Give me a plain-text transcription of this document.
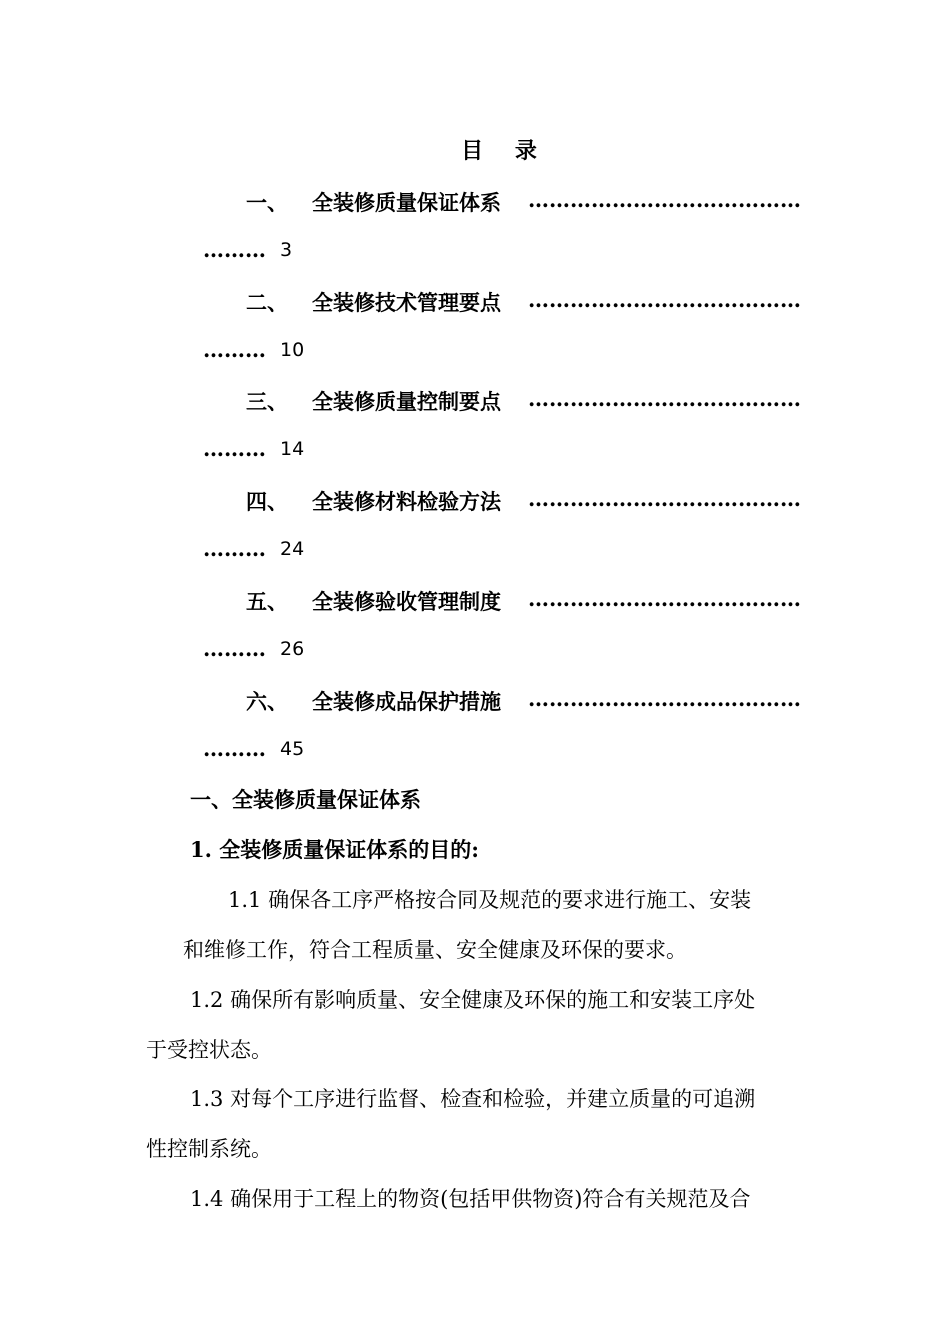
目 录
一、 全装修质量保证体系 …………………………………
……… 3
二、 全装修技术管理要点 …………………………………
……… 10
三、 全装修质量控制要点 …………………………………
……… 14
四、 全装修材料检验方法 …………………………………
……… 24
五、 全装修验收管理制度 …………………………………
……… 26
六、 全装修成品保护措施 …………………………………
……… 45
一、全装修质量保证体系
1. 全装修质量保证体系的目的:
1.1 确保各工序严格按合同及规范的要求进行施工、安装
和维修工作，符合工程质量、安全健康及环保的要求。
1.2 确保所有影响质量、安全健康及环保的施工和安装工序处
于受控状态。
1.3 对每个工序进行监督、检查和检验，并建立质量的可追溯
性控制系统。
1.4 确保用于工程上的物资(包括甲供物资)符合有关规范及合
